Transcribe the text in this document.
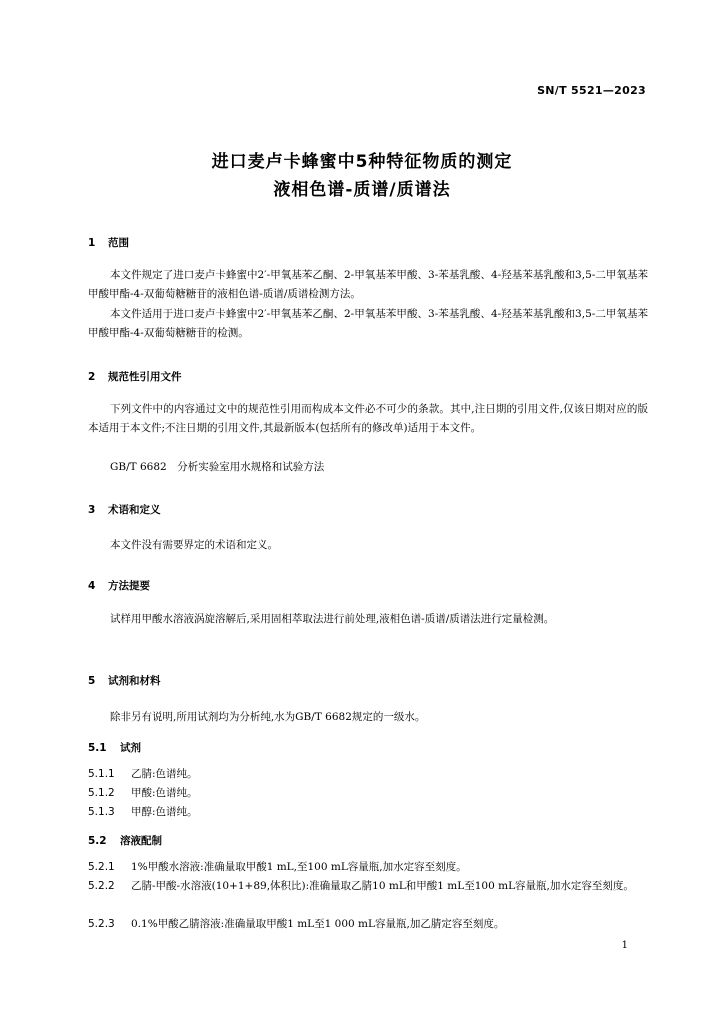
SN/T 5521—2023
进口麦卢卡蜂蜜中5种特征物质的测定
液相色谱-质谱/质谱法
1 范围
本文件规定了进口麦卢卡蜂蜜中2′-甲氧基苯乙酮、2-甲氧基苯甲酸、3-苯基乳酸、4-羟基苯基乳酸和3,5-二甲氧基苯甲酸甲酯-4-双葡萄糖糖苷的液相色谱-质谱/质谱检测方法。
本文件适用于进口麦卢卡蜂蜜中2′-甲氧基苯乙酮、2-甲氧基苯甲酸、3-苯基乳酸、4-羟基苯基乳酸和3,5-二甲氧基苯甲酸甲酯-4-双葡萄糖糖苷的检测。
2 规范性引用文件
下列文件中的内容通过文中的规范性引用而构成本文件必不可少的条款。其中,注日期的引用文件,仅该日期对应的版本适用于本文件;不注日期的引用文件,其最新版本(包括所有的修改单)适用于本文件。
GB/T 6682　分析实验室用水规格和试验方法
3 术语和定义
本文件没有需要界定的术语和定义。
4 方法提要
试样用甲酸水溶液涡旋溶解后,采用固相萃取法进行前处理,液相色谱-质谱/质谱法进行定量检测。
5 试剂和材料
除非另有说明,所用试剂均为分析纯,水为GB/T 6682规定的一级水。
5.1 试剂
5.1.1 乙腈:色谱纯。
5.1.2 甲酸:色谱纯。
5.1.3 甲醇:色谱纯。
5.2 溶液配制
5.2.1 1%甲酸水溶液:准确量取甲酸1 mL,至100 mL容量瓶,加水定容至刻度。
5.2.2 乙腈-甲酸-水溶液(10+1+89,体积比):准确量取乙腈10 mL和甲酸1 mL至100 mL容量瓶,加水定容至刻度。
5.2.3 0.1%甲酸乙腈溶液:准确量取甲酸1 mL至1 000 mL容量瓶,加乙腈定容至刻度。
1
